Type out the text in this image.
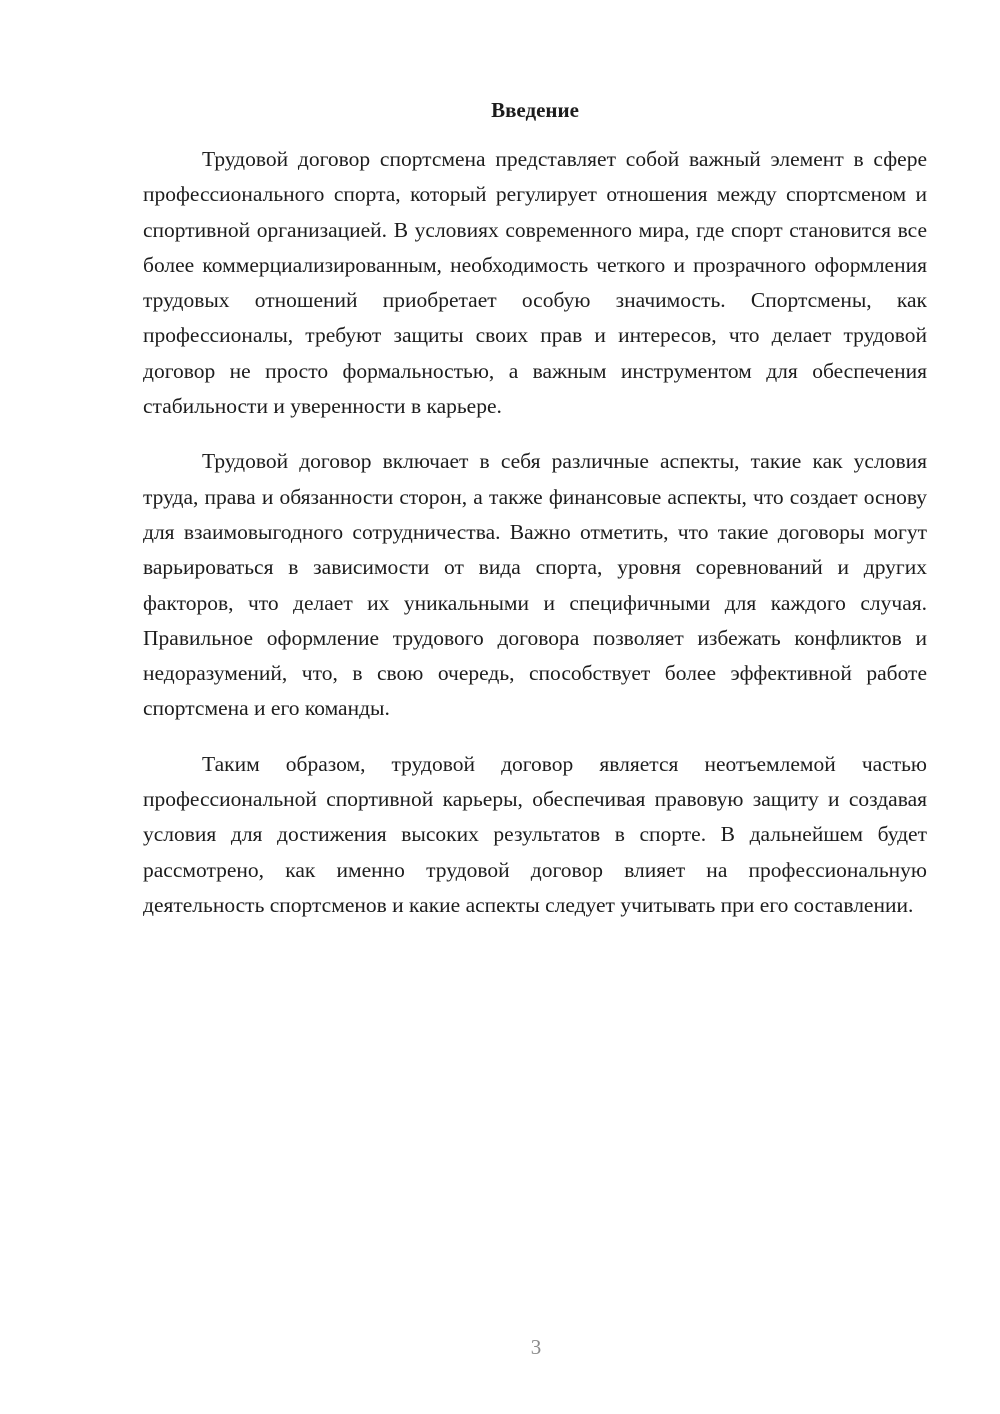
Введение

Трудовой договор спортсмена представляет собой важный элемент в сфере профессионального спорта, который регулирует отношения между спортсменом и спортивной организацией. В условиях современного мира, где спорт становится все более коммерциализированным, необходимость четкого и прозрачного оформления трудовых отношений приобретает особую значимость. Спортсмены, как профессионалы, требуют защиты своих прав и интересов, что делает трудовой договор не просто формальностью, а важным инструментом для обеспечения стабильности и уверенности в карьере.

Трудовой договор включает в себя различные аспекты, такие как условия труда, права и обязанности сторон, а также финансовые аспекты, что создает основу для взаимовыгодного сотрудничества. Важно отметить, что такие договоры могут варьироваться в зависимости от вида спорта, уровня соревнований и других факторов, что делает их уникальными и специфичными для каждого случая. Правильное оформление трудового договора позволяет избежать конфликтов и недоразумений, что, в свою очередь, способствует более эффективной работе спортсмена и его команды.

Таким образом, трудовой договор является неотъемлемой частью профессиональной спортивной карьеры, обеспечивая правовую защиту и создавая условия для достижения высоких результатов в спорте. В дальнейшем будет рассмотрено, как именно трудовой договор влияет на профессиональную деятельность спортсменов и какие аспекты следует учитывать при его составлении.

3
